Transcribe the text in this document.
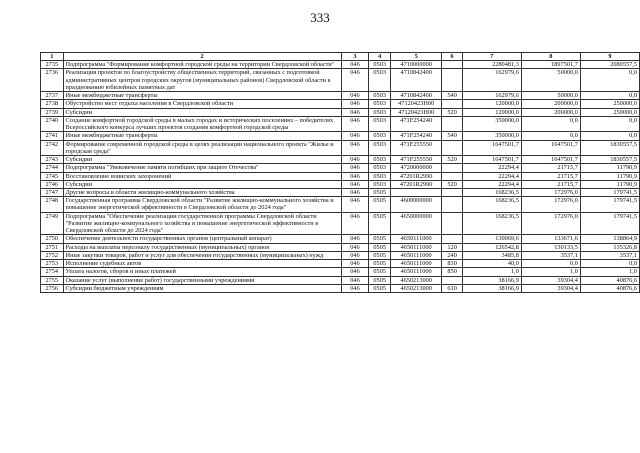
333
1	2	3	4	5	6	7	8	9
2735	Подпрограмма "Формирование комфортной городской среды на территории Свердловской области"	046	0503	4710000000		2280481,3	1897501,7	2080557,5
2736	Реализация проектов по благоустройству общественных территорий, связанных с подготовкой административных центров городских округов (муниципальных районов) Свердловской области к празднованию юбилейных памятных дат	046	0503	4710842400		162979,6	50000,0	0,0
2737	Иные межбюджетные трансферты	046	0503	4710842400	540	162979,6	50000,0	0,0
2738	Обустройство мест отдыха населения в Свердловской области	046	0503	47120423Н00		120000,0	200000,0	250000,0
2739	Субсидии	046	0503	47120423Н00	520	120000,0	200000,0	250000,0
2740	Создание комфортной городской среды в малых городах и исторических поселениях – победителях Всероссийского конкурса лучших проектов создания комфортной городской среды	046	0503	471F254240		350000,0	0,0	0,0
2741	Иные межбюджетные трансферты	046	0503	471F254240	540	350000,0	0,0	0,0
2742	Формирование современной городской среды в целях реализации национального проекта "Жилье и городская среда"	046	0503	471F255550		1647501,7	1647501,7	1830557,5
2743	Субсидии	046	0503	471F255550	520	1647501,7	1647501,7	1830557,5
2744	Подпрограмма "Увековечение памяти погибших при защите Отечества"	046	0503	4720000000		22294,4	21715,7	11790,9
2745	Восстановление воинских захоронений	046	0503	47201R2990		22294,4	21715,7	11790,9
2746	Субсидии	046	0503	47201R2990	520	22294,4	21715,7	11790,9
2747	Другие вопросы в области жилищно-коммунального хозяйства	046	0505			168236,5	172976,0	179741,5
2748	Государственная программа Свердловской области "Развитие жилищно-коммунального хозяйства и повышение энергетической эффективности в Свердловской области до 2024 года"	046	0505	4600000000		168236,5	172976,0	179741,5
2749	Подпрограмма "Обеспечение реализации государственной программы Свердловской области "Развитие жилищно-коммунального хозяйства и повышение энергетической эффективности в Свердловской области до 2024 года"	046	0505	4650000000		168236,5	172976,0	179741,5
2750	Обеспечение деятельности государственных органов (центральный аппарат)	046	0505	4650111000		130069,6	133671,6	138864,9
2751	Расходы на выплаты персоналу государственных (муниципальных) органов	046	0505	4650111000	120	126542,8	130133,5	135326,8
2752	Иные закупки товаров, работ и услуг для обеспечения государственных (муниципальных) нужд	046	0505	4650111000	240	3485,8	3537,1	3537,1
2753	Исполнение судебных актов	046	0505	4650111000	830	40,0	0,0	0,0
2754	Уплата налогов, сборов и иных платежей	046	0505	4650111000	850	1,0	1,0	1,0
2755	Оказание услуг (выполнение работ) государственными учреждениями	046	0505	4650213000		38166,9	39304,4	40876,6
2756	Субсидии бюджетным учреждениям	046	0505	4650213000	610	38166,9	39304,4	40876,6
